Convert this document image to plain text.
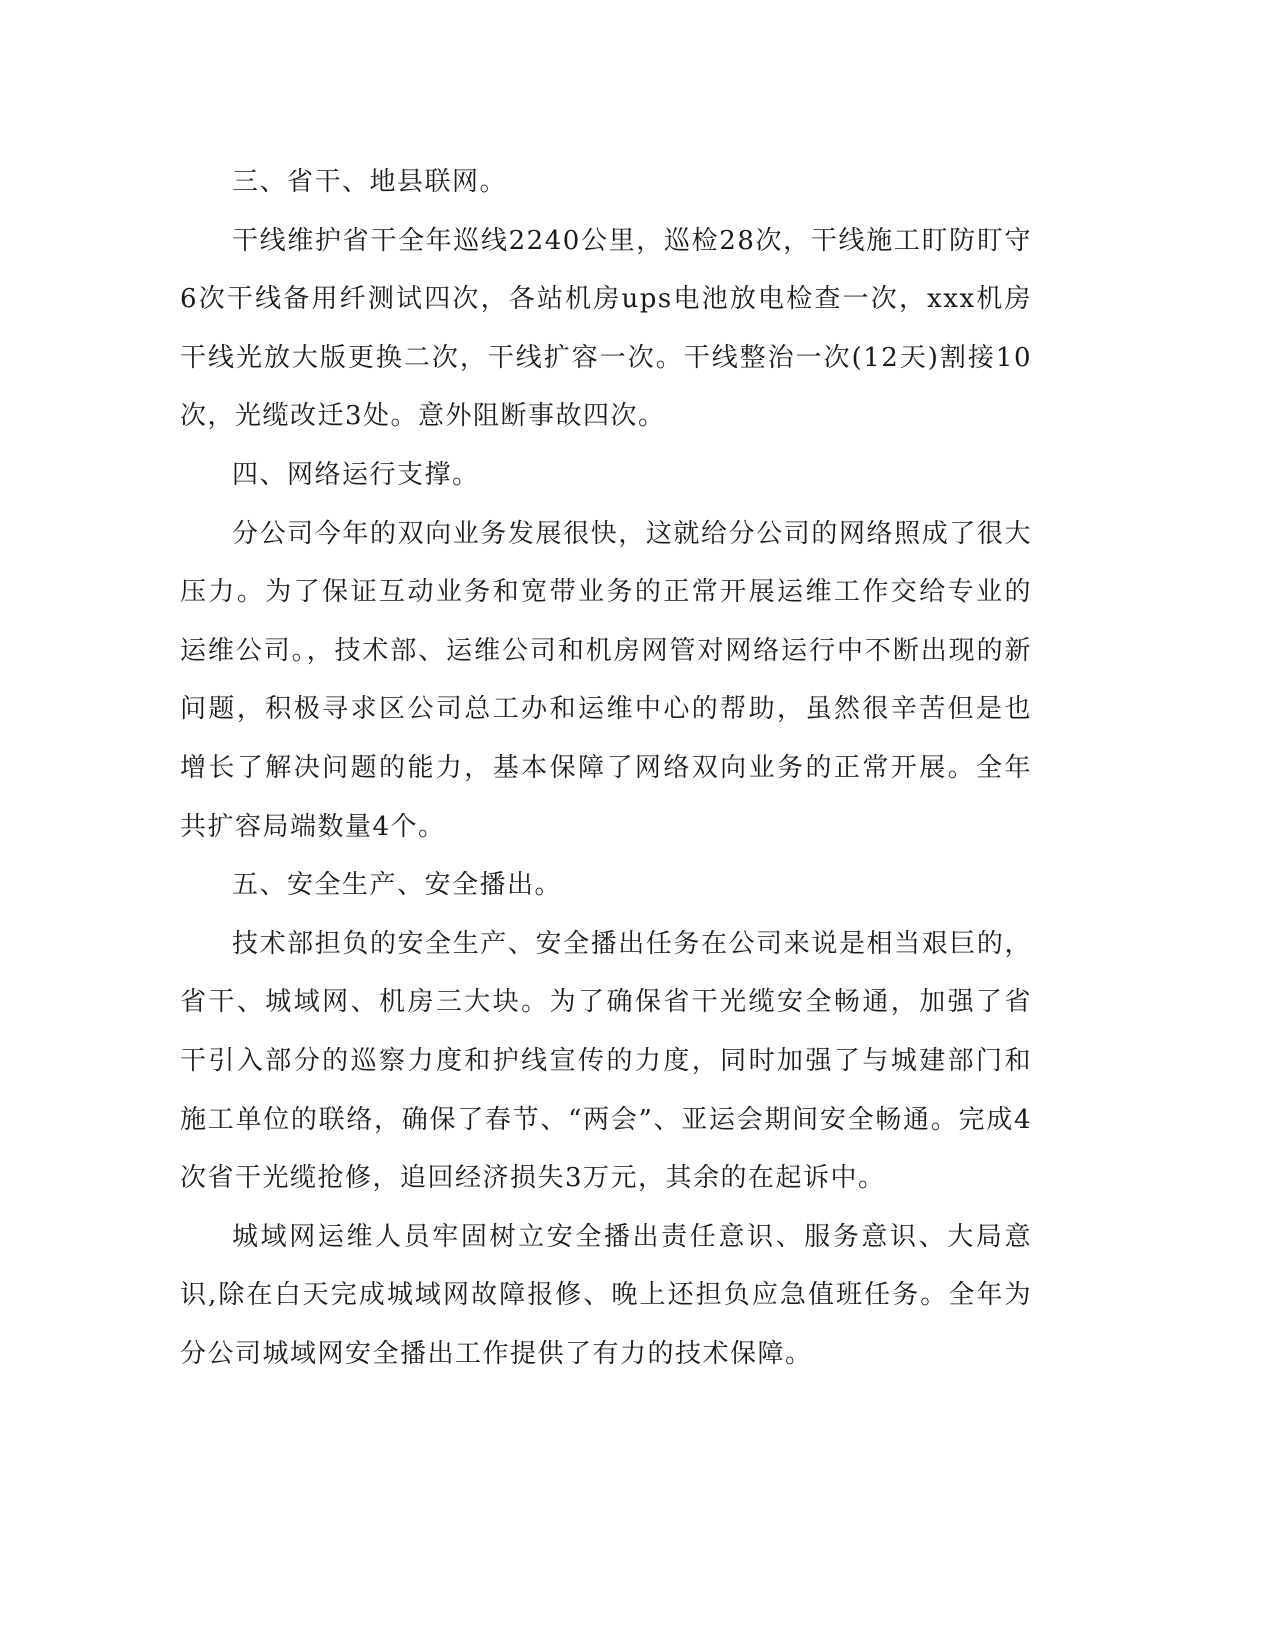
三、省干、地县联网。

干线维护省干全年巡线2240公里，巡检28次，干线施工盯防盯守6次干线备用纤测试四次，各站机房ups电池放电检查一次，xxx机房干线光放大版更换二次，干线扩容一次。干线整治一次(12天)割接10次，光缆改迁3处。意外阻断事故四次。

四、网络运行支撑。

分公司今年的双向业务发展很快，这就给分公司的网络照成了很大压力。为了保证互动业务和宽带业务的正常开展运维工作交给专业的运维公司。，技术部、运维公司和机房网管对网络运行中不断出现的新问题，积极寻求区公司总工办和运维中心的帮助，虽然很辛苦但是也增长了解决问题的能力，基本保障了网络双向业务的正常开展。全年共扩容局端数量4个。

五、安全生产、安全播出。

技术部担负的安全生产、安全播出任务在公司来说是相当艰巨的，省干、城域网、机房三大块。为了确保省干光缆安全畅通，加强了省干引入部分的巡察力度和护线宣传的力度，同时加强了与城建部门和施工单位的联络，确保了春节、“两会”、亚运会期间安全畅通。完成4次省干光缆抢修，追回经济损失3万元，其余的在起诉中。

城域网运维人员牢固树立安全播出责任意识、服务意识、大局意识,除在白天完成城域网故障报修、晚上还担负应急值班任务。全年为分公司城域网安全播出工作提供了有力的技术保障。
